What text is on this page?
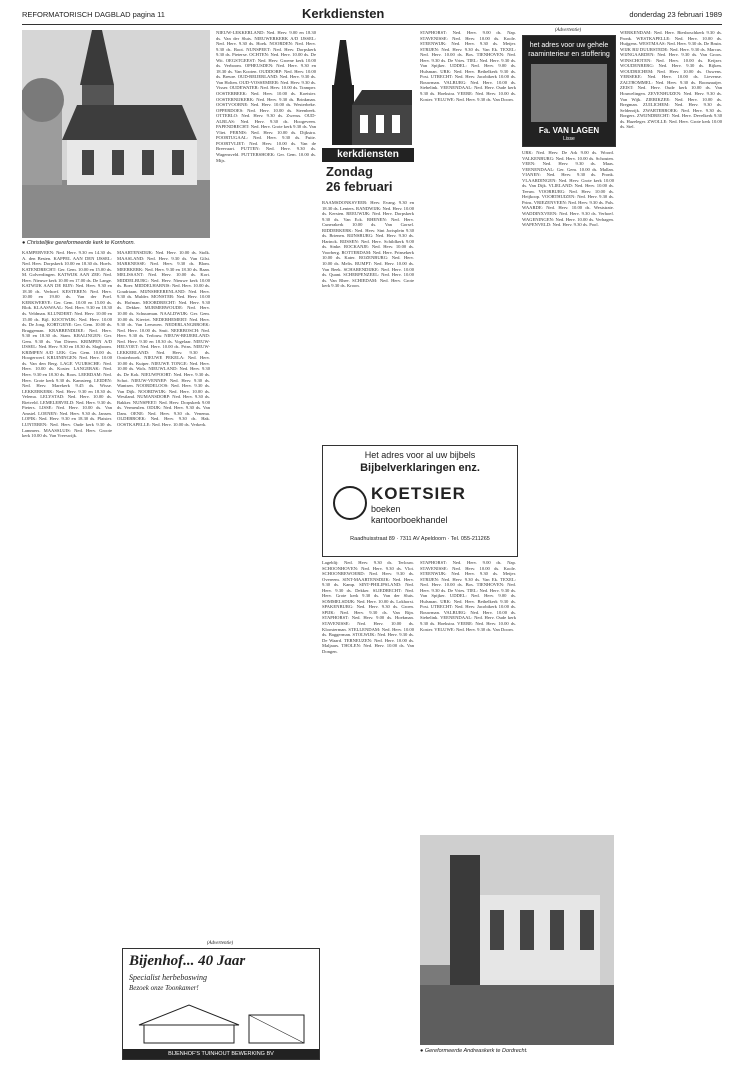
REFORMATORISCH DAGBLAD pagina 11	Kerkdiensten	donderdag 23 februari 1989
● Christelijke gereformeerde kerk te Kornhorn.

KAMPERVEEN: Ned. Herv. 9.30 en 14.30 ds. A. den Besten. KAPPEL AAN DEN IJSSEL: Ned. Herv. Dorpskerk 10.00 en 18.30 ds. Hoefs. KATENDRECHT: Ger. Gem. 10.00 en 15.00 ds. M. Golverdingen. KATWIJK AAN ZEE: Ned. Herv. Nieuwe kerk 10.00 en 17.00 ds. De Lange. KATWIJK AAN DE RIJN: Ned. Herv. 9.30 en 18.30 ds. Verhoef. KESTEREN: Ned. Herv. 10.00 en 19.00 ds. Van der Poel. KERKWERVE: Ger. Gem. 10.00 en 15.00 ds. Blok. KLAASWAAL: Ned. Herv. 9.30 en 18.30 ds. Veldman. KLUNDERT: Ned. Herv. 10.00 en 15.00 ds. Bijl. KOOTWIJK: Ned. Herv. 10.00 ds. De Jong. KORTGENE: Ger. Gem. 10.00 ds. Bruggeman. KRABBENDIJKE: Ned. Herv. 9.30 en 18.30 ds. Stam. KRALINGEN: Ger. Gem. 9.30 ds. Van Dieren. KRIMPEN A/D IJSSEL: Ned. Herv. 9.30 en 18.30 ds. Slagboom. KRIMPEN A/D LEK: Ger. Gem. 10.00 ds. Hoogerwerf. KRUININGEN: Ned. Herv. 10.00 ds. Van den Berg. LAGE VUURSCHE: Ned. Herv. 10.00 ds. Koster. LANGERAK: Ned. Herv. 9.30 en 18.30 ds. Roos. LEERDAM: Ned. Herv. Grote kerk 9.30 ds. Kamsteeg. LEIDEN: Ned. Herv. Marekerk 9.45 ds. Wisse. LEKKERKERK: Ned. Herv. 9.30 en 18.30 ds. Velema. LELYSTAD: Ned. Herv. 10.00 ds. Rietveld. LEMELERVELD: Ned. Herv. 9.30 ds. Pieters. LISSE: Ned. Herv. 10.00 ds. Van Amstel. LOENEN: Ned. Herv. 9.30 ds. Jansen. LOPIK: Ned. Herv. 9.30 en 18.30 ds. Plaisier. LUNTEREN: Ned. Herv. Oude kerk 9.30 ds. Lammers. MAASSLUIS: Ned. Herv. Groote kerk 10.00 ds. Van Vreeswijk.

MAARTENSDIJK: Ned. Herv. 10.00 ds. Stolk. MAASLAND: Ned. Herv. 9.30 ds. Van Gilst. MARKNESSE: Ned. Herv. 9.30 ds. Blom. MEERKERK: Ned. Herv. 9.30 en 18.30 ds. Baan. MELISSANT: Ned. Herv. 10.00 ds. Kort. MIDDELBURG: Ned. Herv. Nieuwe kerk 10.00 ds. Boer. MIDDELHARNIS: Ned. Herv. 10.00 ds. Goudriaan. MIJNSHEERENLAND: Ned. Herv. 9.30 ds. Mulder. MONSTER: Ned. Herv. 10.00 ds. Hofman. MOORDRECHT: Ned. Herv. 9.30 ds. Dekker. MURMERWOUDE: Ned. Herv. 10.00 ds. Schuurman. NAALDWIJK: Ger. Gem. 10.00 ds. Kieviet. NEDERHEMERT: Ned. Herv. 9.30 ds. Van Leeuwen. NEDERLANGBROEK: Ned. Herv. 10.00 ds. Smit. NEERBOSCH: Ned. Herv. 9.30 ds. Terlouw. NIEUW-BEIJERLAND: Ned. Herv. 9.30 en 18.30 ds. Vogelaar. NIEUW-HELVOET: Ned. Herv. 10.00 ds. Prins. NIEUW-LEKKERLAND: Ned. Herv. 9.30 ds. Oosterbroek. NIEUWE PEKELA: Ned. Herv. 10.00 ds. Kuiper. NIEUWE TONGE: Ned. Herv. 10.00 ds. Wols. NIEUWLAND: Ned. Herv. 9.30 ds. De Kok. NIEUWPOORT: Ned. Herv. 9.30 ds. Schot. NIEUW-VENNEP: Ned. Herv. 9.30 ds. Wantsen. NOORDELOOS: Ned. Herv. 9.30 ds. Van Dijk. NOORDWIJK: Ned. Herv. 10.00 ds. Westland. NUMANSDORP: Ned. Herv. 9.30 ds. Bakker. NUNSPEET: Ned. Herv. Dorpskerk 9.00 ds. Vermeulen. ODIJK: Ned. Herv. 9.30 ds. Van Dam. OENE: Ned. Herv. 9.30 ds. Venema. OLDEBROEK: Ned. Herv. 9.30 ds. Hak. OOSTKAPELLE: Ned. Herv. 10.00 ds. Verkerk.

NIEUW-LEKKERLAND: Ned. Herv. 9.00 en 18.30 ds. Van der Sluis. NIEUWERKERK A/D IJSSEL: Ned. Herv. 9.30 ds. Hoek. NOORDEN: Ned. Herv. 9.30 ds. Boot. NUNSPEET: Ned. Herv. Dorpskerk 9.30 ds. Pieterse. OCHTEN: Ned. Herv. 10.00 ds. De Wit. OEGSTGEEST: Ned. Herv. Groene kerk 10.00 ds. Verboom. OPHEUSDEN: Ned. Herv. 9.30 en 18.30 ds. Van Kooten. OUDDORP: Ned. Herv. 10.00 ds. Breure. OUD-BEIJERLAND: Ned. Herv. 9.30 ds. Van Holten. OUD-VOSSEMEER: Ned. Herv. 9.30 ds. Visser. OUDEWATER: Ned. Herv. 10.00 ds. Tramper. OOSTERBEEK: Ned. Herv. 10.00 ds. Koetsier. OOSTERNIJKERK: Ned. Herv. 9.30 ds. Brinkman. OOSTVOORNE: Ned. Herv. 10.00 ds. Westerbeke. OPPERDOES: Ned. Herv. 10.00 ds. Steenbeek. OTTERLO: Ned. Herv. 9.30 ds. Zwerus. OUD-ALBLAS: Ned. Herv. 9.30 ds. Hoogeveen. PAPENDRECHT: Ned. Herv. Grote kerk 9.30 ds. Van Vliet. PERNIS: Ned. Herv. 10.00 ds. Dijkstra. POORTUGAAL: Ned. Herv. 9.30 ds. Fuite. POORTVLIET: Ned. Herv. 10.00 ds. Van de Breevaart. PUTTEN: Ned. Herv. 9.30 ds. Wagensveld. PUTTERSHOEK: Ger. Gem. 10.00 ds. Mijs.

kerkdiensten
Zondag
26 februari

RAAMSDONKSVEER: Herv. Evang. 9.30 en 18.30 ds. Lenters. RANDWIJK: Ned. Herv. 10.00 ds. Kersten. REEUWIJK: Ned. Herv. Dorpskerk 9.30 ds. Van Eck. RHENEN: Ned. Herv. Cunerakerk 10.00 ds. Van Gorsel. RIDDERKERK: Ned. Herv. Sint Jorisplein 9.30 ds. Brienen. RIJNSBURG: Ned. Herv. 9.30 ds. Harinck. RIJSSEN: Ned. Herv. Schildkerk 9.00 ds. Sinke. ROCKANJE: Ned. Herv. 10.00 ds. Voorberg. ROTTERDAM: Ned. Herv. Prinsekerk 10.00 ds. Kater. ROZENBURG: Ned. Herv. 10.00 ds. Melis. RUMPT: Ned. Herv. 10.00 ds. Van Beek. SCHARENDIJKE: Ned. Herv. 10.00 ds. Quant. SCHERPENZEEL: Ned. Herv. 10.00 ds. Van Rhee. SCHIEDAM: Ned. Herv. Grote kerk 9.30 ds. Kroon.

STAPHORST: Ned. Herv. 9.00 ds. Nap. STAVENISSE: Ned. Herv. 10.00 ds. Koole. STEENWIJK: Ned. Herv. 9.30 ds. Meijer. STRIJEN: Ned. Herv. 9.30 ds. Van Ek. TEXEL: Ned. Herv. 10.00 ds. Bos. TIENHOVEN: Ned. Herv. 9.30 ds. De Vries. TIEL: Ned. Herv. 9.30 ds. Van Spijker. UDDEL: Ned. Herv. 9.00 ds. Hulsman. URK: Ned. Herv. Bethelkerk 9.30 ds. Post. UTRECHT: Ned. Herv. Jacobikerk 10.00 ds. Bouwman. VALBURG: Ned. Herv. 10.00 ds. Siebelink. VEENENDAAL: Ned. Herv. Oude kerk 9.30 ds. Hoekstra. VEERE: Ned. Herv. 10.00 ds. Koster. VELUWE: Ned. Herv. 9.30 ds. Van Doorn.

(Advertentie)
het adres voor uw gehele
raaminterieur en stoffering
Fa. VAN LAGEN
Lisse

URK: Ned. Herv. De Ark 9.00 ds. Woord. VALKENBURG: Ned. Herv. 10.00 ds. Schouten. VEEN: Ned. Herv. 9.30 ds. Maas. VEENENDAAL: Ger. Gem. 10.00 ds. Mallan. VIANEN: Ned. Herv. 9.30 ds. Pronk. VLAARDINGEN: Ned. Herv. Grote kerk 10.00 ds. Van Dijk. VLIELAND: Ned. Herv. 10.00 ds. Teeuw. VOORBURG: Ned. Herv. 10.00 ds. Heijkoop. VOORTHUIZEN: Ned. Herv. 9.30 ds. Prins. VRIEZENVEEN: Ned. Herv. 9.30 ds. Pals. WAARDE: Ned. Herv. 10.00 ds. Weststrate. WADDINXVEEN: Ned. Herv. 9.30 ds. Verhoef. WAGENINGEN: Ned. Herv. 10.00 ds. Verhagen. WAPENVELD: Ned. Herv. 9.30 ds. Pool.

WERKENDAM: Ned. Herv. Biesboschkerk 9.30 ds. Pronk. WESTKAPELLE: Ned. Herv. 10.00 ds. Huijgens. WESTMAAS: Ned. Herv. 9.30 ds. De Bruin. WIJK BIJ DUURSTEDE: Ned. Herv. 9.30 ds. Marcus. WIJNGAARDEN: Ned. Herv. 9.30 ds. Van Groos. WINSCHOTEN: Ned. Herv. 10.00 ds. Keijzer. WOUDENBERG: Ned. Herv. 9.30 ds. Rijken. WOUDRICHEM: Ned. Herv. 10.00 ds. Ouwens. YERSEKE: Ned. Herv. 10.00 ds. Lievense. ZALTBOMMEL: Ned. Herv. 9.30 ds. Boonzaaijer. ZEIST: Ned. Herv. Oude kerk 10.00 ds. Van Houwelingen. ZEVENHUIZEN: Ned. Herv. 9.30 ds. Van Wijk. ZIERIKZEE: Ned. Herv. 10.00 ds. Bregman. ZUILICHEM: Ned. Herv. 9.30 ds. Seldenrijk. ZWARTEBROEK: Ned. Herv. 9.30 ds. Borgers. ZWIJNDRECHT: Ned. Herv. Develkerk 9.30 ds. Hazeleger. ZWOLLE: Ned. Herv. Grote kerk 10.00 ds. Stel.

Het adres voor al uw bijbels
Bijbelverklaringen enz.
KOETSIER
boeken
kantoorboekhandel
Raadhuisstraat 89 · 7311 AV Apeldoorn · Tel. 055-211265

Lageblij: Ned. Herv. 9.30 ds. Terlouw. SCHOONHOVEN: Ned. Herv. 9.30 ds. Vlot. SCHOONREWOERD: Ned. Herv. 9.30 ds. Overeem. SINT-MAARTENSDIJK: Ned. Herv. 9.30 ds. Kamp. SINT-PHILIPSLAND: Ned. Herv. 9.30 ds. Dekker. SLIEDRECHT: Ned. Herv. Grote kerk 9.30 ds. Van der Sluis. SOMMELSDIJK: Ned. Herv. 10.00 ds. Lokhorst. SPAKENBURG: Ned. Herv. 9.30 ds. Groen. SPIJK: Ned. Herv. 9.30 ds. Van Rijn. STAPHORST: Ned. Herv. 9.00 ds. Hoekman. STAVENISSE: Ned. Herv. 10.00 ds. Kloosterman. STELLENDAM: Ned. Herv. 10.00 ds. Baggerman. STOLWIJK: Ned. Herv. 9.30 ds. De Waard. TERNEUZEN: Ned. Herv. 10.00 ds. Maljaars. THOLEN: Ned. Herv. 10.00 ds. Van Dongen.

STAPHORST: Ned. Herv. 9.00 ds. Nap. STAVENISSE: Ned. Herv. 10.00 ds. Koole. STEENWIJK: Ned. Herv. 9.30 ds. Meijer. STRIJEN: Ned. Herv. 9.30 ds. Van Ek. TEXEL: Ned. Herv. 10.00 ds. Bos. TIENHOVEN: Ned. Herv. 9.30 ds. De Vries. TIEL: Ned. Herv. 9.30 ds. Van Spijker. UDDEL: Ned. Herv. 9.00 ds. Hulsman. URK: Ned. Herv. Bethelkerk 9.30 ds. Post. UTRECHT: Ned. Herv. Jacobikerk 10.00 ds. Bouwman. VALBURG: Ned. Herv. 10.00 ds. Siebelink. VEENENDAAL: Ned. Herv. Oude kerk 9.30 ds. Hoekstra. VEERE: Ned. Herv. 10.00 ds. Koster. VELUWE: Ned. Herv. 9.30 ds. Van Doorn.

(Advertentie)
Bijenhof... 40 Jaar
Specialist herbeboswing
Bezoek onze Toonkamer!
BIJENHOF'S TUINHOUT BEWERKING BV	● Gereformeerde Andreaskerk te Dordrecht.
